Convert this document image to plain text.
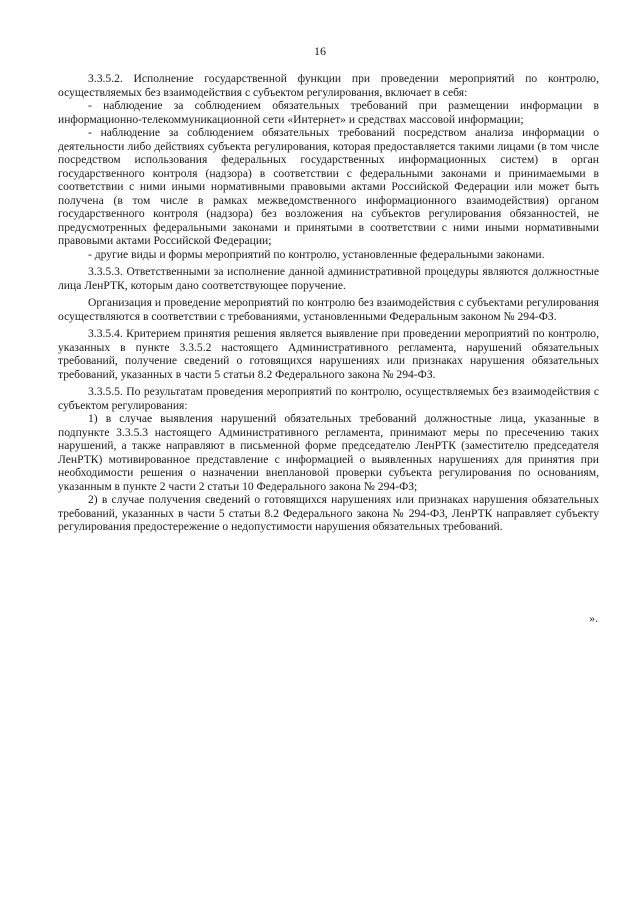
16

3.3.5.2. Исполнение государственной функции при проведении мероприятий по контролю, осуществляемых без взаимодействия с субъектом регулирования, включает в себя:

- наблюдение за соблюдением обязательных требований при размещении информации в информационно-телекоммуникационной сети «Интернет» и средствах массовой информации;

- наблюдение за соблюдением обязательных требований посредством анализа информации о деятельности либо действиях субъекта регулирования, которая предоставляется такими лицами (в том числе посредством использования федеральных государственных информационных систем) в орган государственного контроля (надзора) в соответствии с федеральными законами и принимаемыми в соответствии с ними иными нормативными правовыми актами Российской Федерации или может быть получена (в том числе в рамках межведомственного информационного взаимодействия) органом государственного контроля (надзора) без возложения на субъектов регулирования обязанностей, не предусмотренных федеральными законами и принятыми в соответствии с ними иными нормативными правовыми актами Российской Федерации;

- другие виды и формы мероприятий по контролю, установленные федеральными законами.

3.3.5.3. Ответственными за исполнение данной административной процедуры являются должностные лица ЛенРТК, которым дано соответствующее поручение.

Организация и проведение мероприятий по контролю без взаимодействия с субъектами регулирования осуществляются в соответствии с требованиями, установленными Федеральным законом № 294-ФЗ.

3.3.5.4. Критерием принятия решения является выявление при проведении мероприятий по контролю, указанных в пункте 3.3.5.2 настоящего Административного регламента, нарушений обязательных требований, получение сведений о готовящихся нарушениях или признаках нарушения обязательных требований, указанных в части 5 статьи 8.2 Федерального закона № 294-ФЗ.

3.3.5.5. По результатам проведения мероприятий по контролю, осуществляемых без взаимодействия с субъектом регулирования:

1) в случае выявления нарушений обязательных требований должностные лица, указанные в подпункте 3.3.5.3 настоящего Административного регламента, принимают меры по пресечению таких нарушений, а также направляют в письменной форме председателю ЛенРТК (заместителю председателя ЛенРТК) мотивированное представление с информацией о выявленных нарушениях для принятия при необходимости решения о назначении внеплановой проверки субъекта регулирования по основаниям, указанным в пункте 2 части 2 статьи 10 Федерального закона № 294-ФЗ;

2) в случае получения сведений о готовящихся нарушениях или признаках нарушения обязательных требований, указанных в части 5 статьи 8.2 Федерального закона № 294-ФЗ, ЛенРТК направляет субъекту регулирования предостережение о недопустимости нарушения обязательных требований.

».
